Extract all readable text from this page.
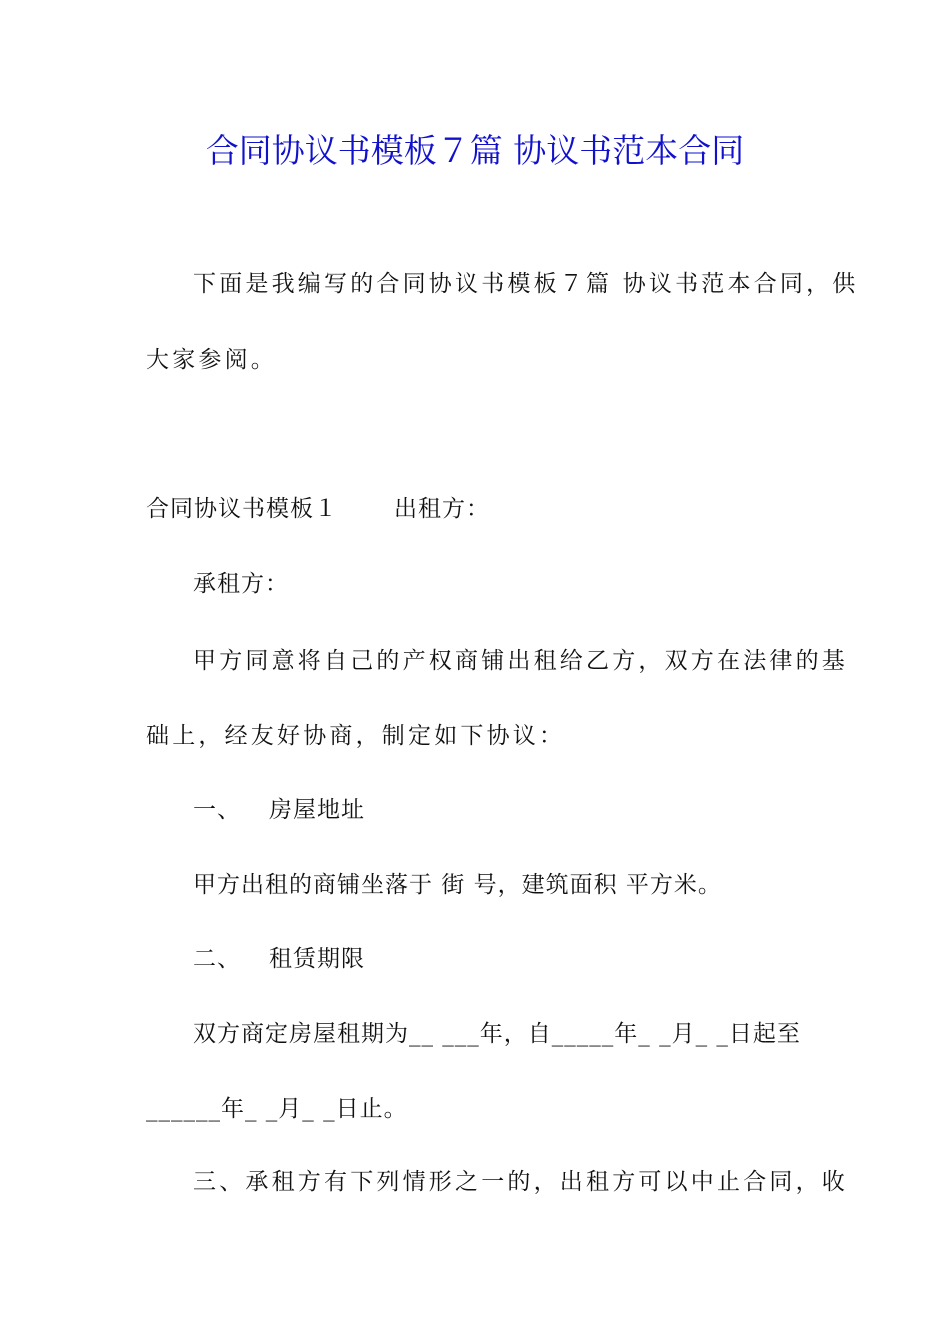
合同协议书模板７篇 协议书范本合同
下面是我编写的合同协议书模板７篇 协议书范本合同，供
大家参阅。
合同协议书模板１ 出租方：
承租方：
甲方同意将自己的产权商铺出租给乙方，双方在法律的基
础上，经友好协商，制定如下协议：
一、 房屋地址
甲方出租的商铺坐落于 街 号，建筑面积 平方米。
二、 租赁期限
双方商定房屋租期为__ ___年，自_____年_ _月_ _日起至
______年_ _月_ _日止。
三、承租方有下列情形之一的，出租方可以中止合同，收
